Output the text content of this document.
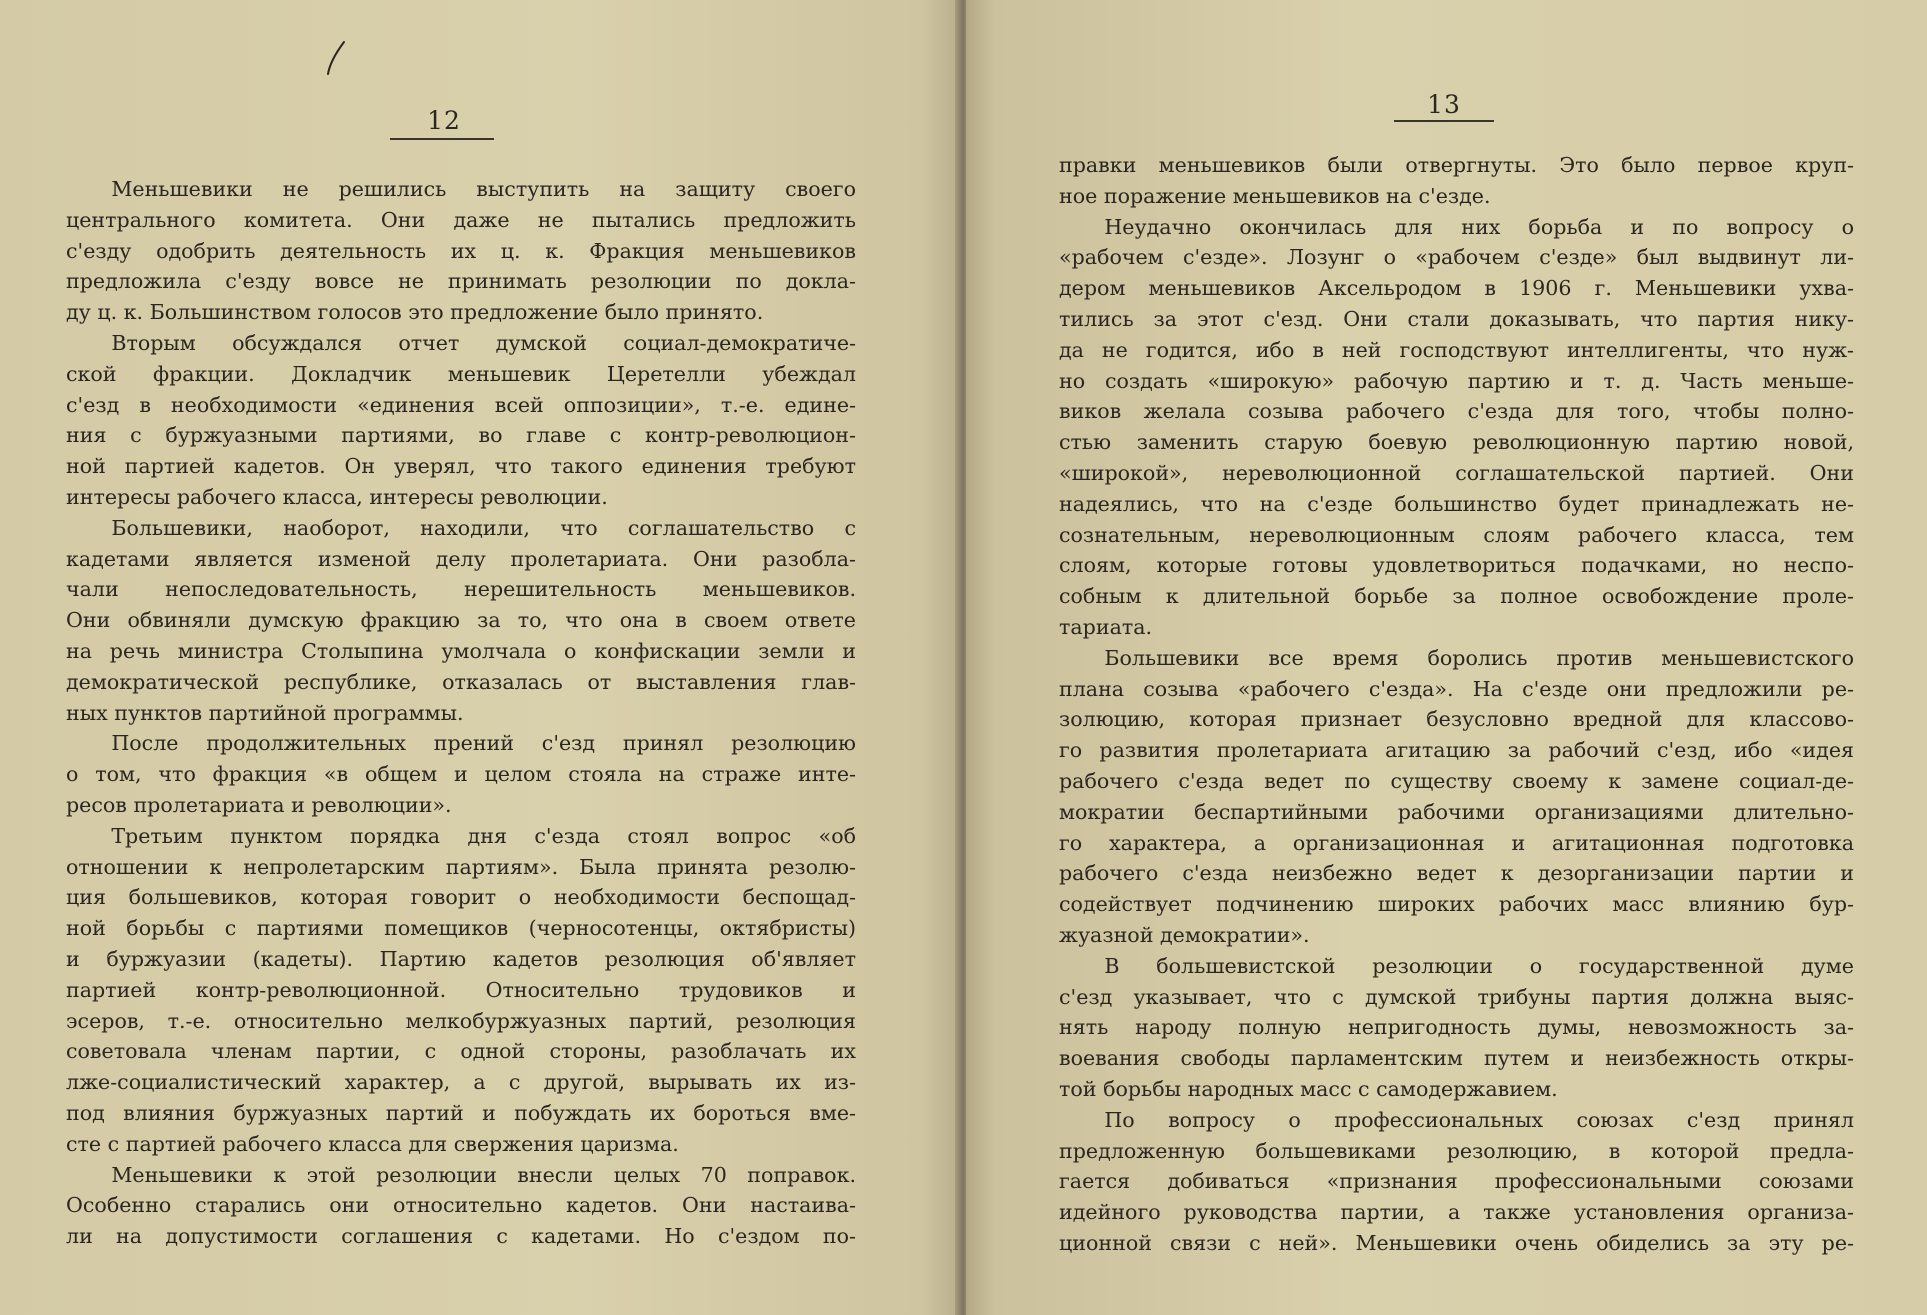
12

Меньшевики не решились выступить на защиту своего

центрального комитета. Они даже не пытались предложить

с'езду одобрить деятельность их ц. к. Фракция меньшевиков

предложила с'езду вовсе не принимать резолюции по докла-

ду ц. к. Большинством голосов это предложение было принято.

Вторым обсуждался отчет думской социал-демократиче-

ской фракции. Докладчик меньшевик Церетелли убеждал

с'езд в необходимости «единения всей оппозиции», т.-е. едине-

ния с буржуазными партиями, во главе с контр-революцион-

ной партией кадетов. Он уверял, что такого единения требуют

интересы рабочего класса, интересы революции.

Большевики, наоборот, находили, что соглашательство с

кадетами является изменой делу пролетариата. Они разобла-

чали непоследовательность, нерешительность меньшевиков.

Они обвиняли думскую фракцию за то, что она в своем ответе

на речь министра Столыпина умолчала о конфискации земли и

демократической республике, отказалась от выставления глав-

ных пунктов партийной программы.

После продолжительных прений с'езд принял резолюцию

о том, что фракция «в общем и целом стояла на страже инте-

ресов пролетариата и революции».

Третьим пунктом порядка дня с'езда стоял вопрос «об

отношении к непролетарским партиям». Была принята резолю-

ция большевиков, которая говорит о необходимости беспощад-

ной борьбы с партиями помещиков (черносотенцы, октябристы)

и буржуазии (кадеты). Партию кадетов резолюция об'являет

партией контр-революционной. Относительно трудовиков и

эсеров, т.-е. относительно мелкобуржуазных партий, резолюция

советовала членам партии, с одной стороны, разоблачать их

лже-социалистический характер, а с другой, вырывать их из-

под влияния буржуазных партий и побуждать их бороться вме-

сте с партией рабочего класса для свержения царизма.

Меньшевики к этой резолюции внесли целых 70 поправок.

Особенно старались они относительно кадетов. Они настаива-

ли на допустимости соглашения с кадетами. Но с'ездом по-

13

правки меньшевиков были отвергнуты. Это было первое круп-

ное поражение меньшевиков на с'езде.

Неудачно окончилась для них борьба и по вопросу о

«рабочем с'езде». Лозунг о «рабочем с'езде» был выдвинут ли-

дером меньшевиков Аксельродом в 1906 г. Меньшевики ухва-

тились за этот с'езд. Они стали доказывать, что партия нику-

да не годится, ибо в ней господствуют интеллигенты, что нуж-

но создать «широкую» рабочую партию и т. д. Часть меньше-

виков желала созыва рабочего с'езда для того, чтобы полно-

стью заменить старую боевую революционную партию новой,

«широкой», нереволюционной соглашательской партией. Они

надеялись, что на с'езде большинство будет принадлежать не-

сознательным, нереволюционным слоям рабочего класса, тем

слоям, которые готовы удовлетвориться подачками, но неспо-

собным к длительной борьбе за полное освобождение проле-

тариата.

Большевики все время боролись против меньшевистского

плана созыва «рабочего с'езда». На с'езде они предложили ре-

золюцию, которая признает безусловно вредной для классово-

го развития пролетариата агитацию за рабочий с'езд, ибо «идея

рабочего с'езда ведет по существу своему к замене социал-де-

мократии беспартийными рабочими организациями длительно-

го характера, а организационная и агитационная подготовка

рабочего с'езда неизбежно ведет к дезорганизации партии и

содействует подчинению широких рабочих масс влиянию бур-

жуазной демократии».

В большевистской резолюции о государственной думе

с'езд указывает, что с думской трибуны партия должна выяс-

нять народу полную непригодность думы, невозможность за-

воевания свободы парламентским путем и неизбежность откры-

той борьбы народных масс с самодержавием.

По вопросу о профессиональных союзах с'езд принял

предложенную большевиками резолюцию, в которой предла-

гается добиваться «признания профессиональными союзами

идейного руководства партии, а также установления организа-

ционной связи с ней». Меньшевики очень обиделись за эту ре-
